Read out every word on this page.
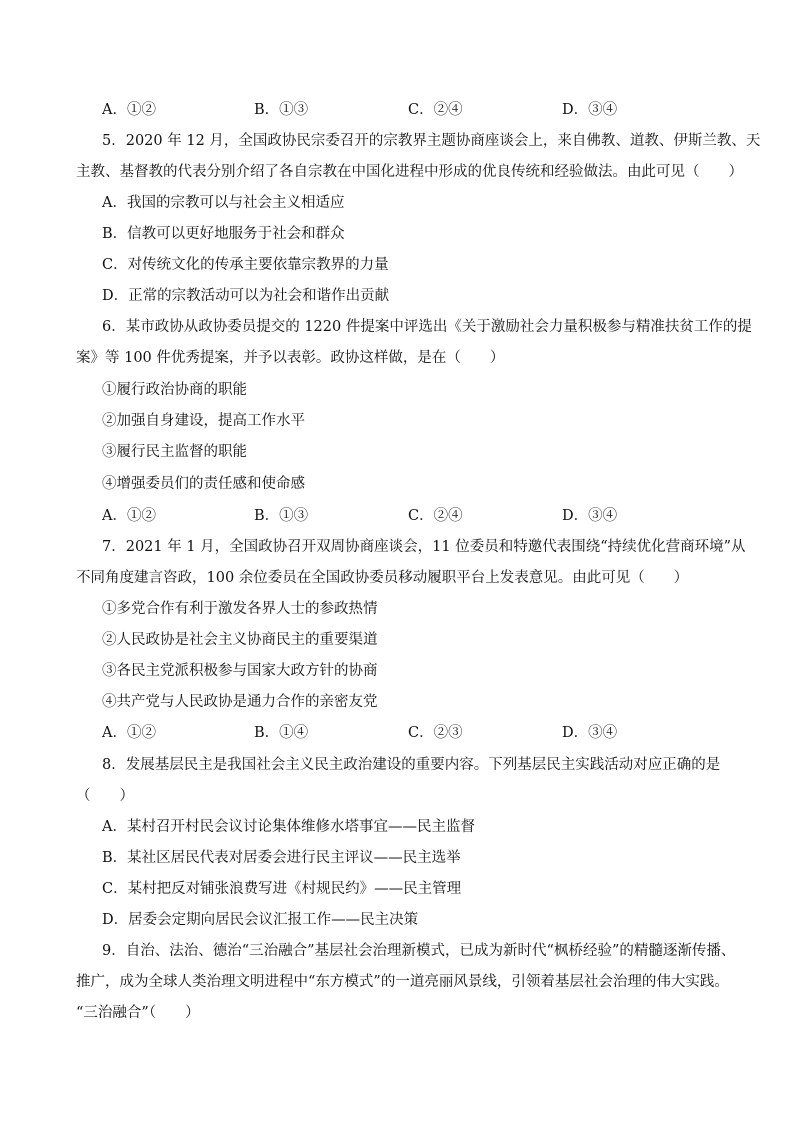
A．①②	B．①③	C．②④	D．③④
5．2020 年 12 月，全国政协民宗委召开的宗教界主题协商座谈会上，来自佛教、道教、伊斯兰教、天
主教、基督教的代表分别介绍了各自宗教在中国化进程中形成的优良传统和经验做法。由此可见（　　）
A．我国的宗教可以与社会主义相适应
B．信教可以更好地服务于社会和群众
C．对传统文化的传承主要依靠宗教界的力量
D．正常的宗教活动可以为社会和谐作出贡献
6．某市政协从政协委员提交的 1220 件提案中评选出《关于激励社会力量积极参与精准扶贫工作的提
案》等 100 件优秀提案，并予以表彰。政协这样做，是在（　　）
①履行政治协商的职能
②加强自身建设，提高工作水平
③履行民主监督的职能
④增强委员们的责任感和使命感
A．①②	B．①③	C．②④	D．③④
7．2021 年 1 月，全国政协召开双周协商座谈会，11 位委员和特邀代表围绕“持续优化营商环境”从
不同角度建言咨政，100 余位委员在全国政协委员移动履职平台上发表意见。由此可见（　　）
①多党合作有利于激发各界人士的参政热情
②人民政协是社会主义协商民主的重要渠道
③各民主党派积极参与国家大政方针的协商
④共产党与人民政协是通力合作的亲密友党
A．①②	B．①④	C．②③	D．③④
8．发展基层民主是我国社会主义民主政治建设的重要内容。下列基层民主实践活动对应正确的是
（　　）
A．某村召开村民会议讨论集体维修水塔事宜——民主监督
B．某社区居民代表对居委会进行民主评议——民主选举
C．某村把反对铺张浪费写进《村规民约》——民主管理
D．居委会定期向居民会议汇报工作——民主决策
9．自治、法治、德治“三治融合”基层社会治理新模式，已成为新时代“枫桥经验”的精髓逐渐传播、
推广，成为全球人类治理文明进程中“东方模式”的一道亮丽风景线，引领着基层社会治理的伟大实践。
“三治融合”（　　）
